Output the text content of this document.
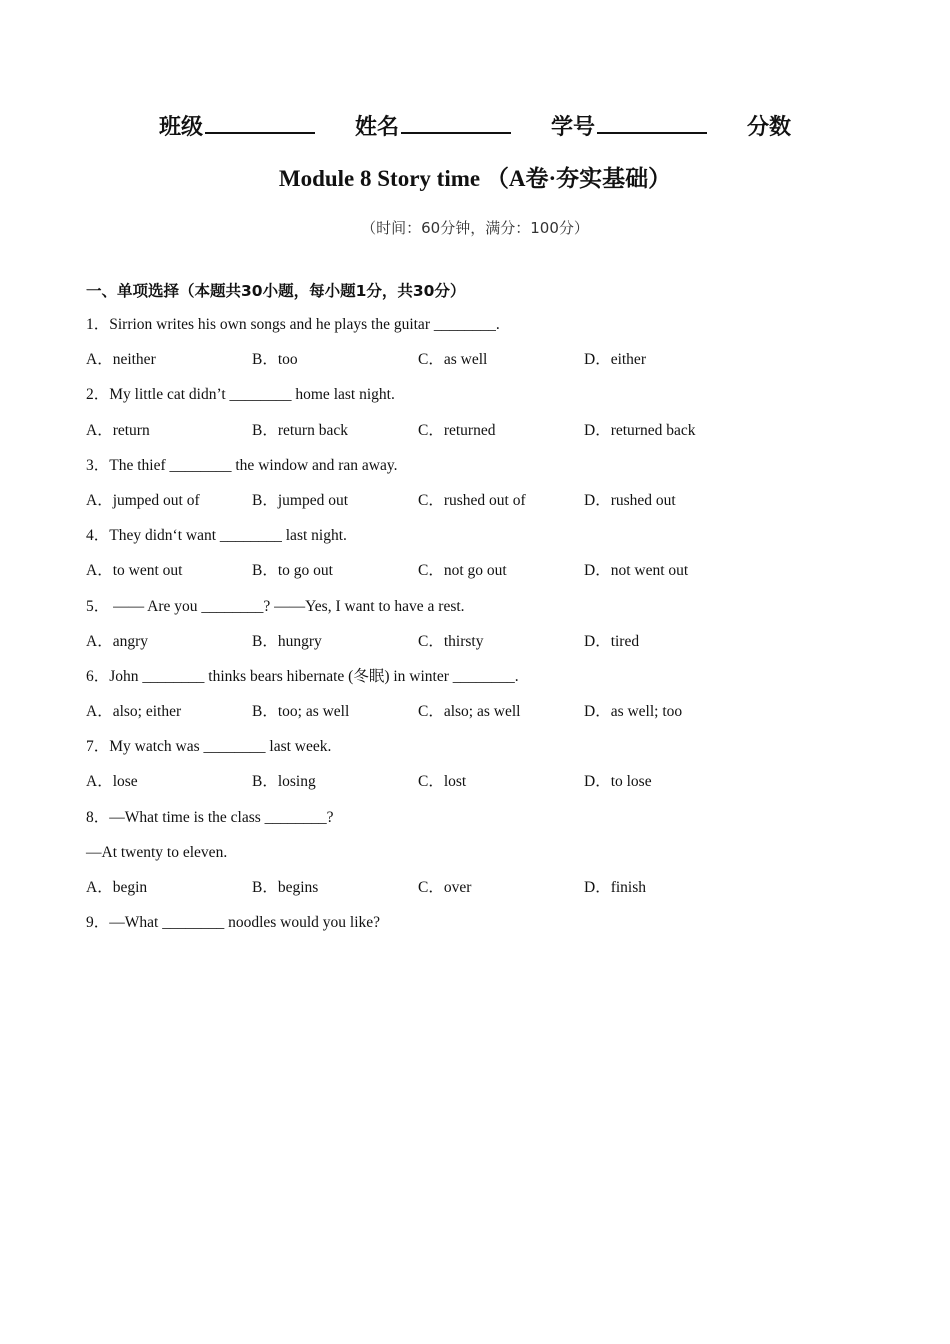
班级	姓名	学号	分数
Module 8 Story time （A卷·夯实基础）
（时间：60分钟，满分：100分）
一、单项选择（本题共30小题，每小题1分，共30分）
1．Sirrion writes his own songs and he plays the guitar ________.
A．neither	B．too	C．as well	D．either
2．My little cat didn’t ________ home last night.
A．return	B．return back	C．returned	D．returned back
3．The thief ________ the window and ran away.
A．jumped out of	B．jumped out	C．rushed out of	D．rushed out
4．They didn‘t want ________ last night.
A．to went out	B．to go out	C．not go out	D．not went out
5． —— Are you ________? ——Yes, I want to have a rest.
A．angry	B．hungry	C．thirsty	D．tired
6．John ________ thinks bears hibernate (冬眠) in winter ________.
A．also; either	B．too; as well	C．also; as well	D．as well; too
7．My watch was ________ last week.
A．lose	B．losing	C．lost	D．to lose
8．—What time is the class ________?
—At twenty to eleven.
A．begin	B．begins	C．over	D．finish
9．—What ________ noodles would you like?
